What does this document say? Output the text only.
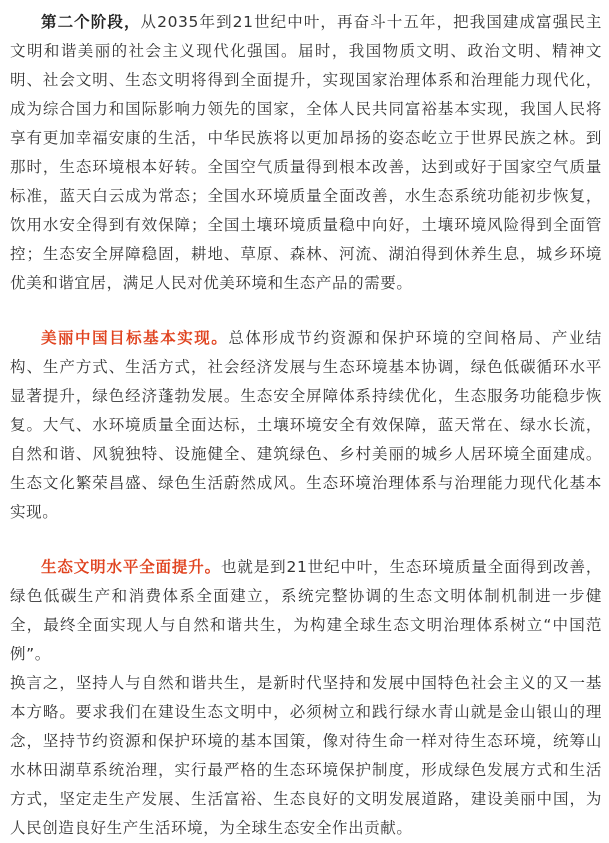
第二个阶段，从2035年到21世纪中叶，再奋斗十五年，把我国建成富强民主文明和谐美丽的社会主义现代化强国。届时，我国物质文明、政治文明、精神文明、社会文明、生态文明将得到全面提升，实现国家治理体系和治理能力现代化，成为综合国力和国际影响力领先的国家，全体人民共同富裕基本实现，我国人民将享有更加幸福安康的生活，中华民族将以更加昂扬的姿态屹立于世界民族之林。到那时，生态环境根本好转。全国空气质量得到根本改善，达到或好于国家空气质量标准，蓝天白云成为常态；全国水环境质量全面改善，水生态系统功能初步恢复，饮用水安全得到有效保障；全国土壤环境质量稳中向好，土壤环境风险得到全面管控；生态安全屏障稳固，耕地、草原、森林、河流、湖泊得到休养生息，城乡环境优美和谐宜居，满足人民对优美环境和生态产品的需要。

美丽中国目标基本实现。总体形成节约资源和保护环境的空间格局、产业结构、生产方式、生活方式，社会经济发展与生态环境基本协调，绿色低碳循环水平显著提升，绿色经济蓬勃发展。生态安全屏障体系持续优化，生态服务功能稳步恢复。大气、水环境质量全面达标，土壤环境安全有效保障，蓝天常在、绿水长流，自然和谐、风貌独特、设施健全、建筑绿色、乡村美丽的城乡人居环境全面建成。生态文化繁荣昌盛、绿色生活蔚然成风。生态环境治理体系与治理能力现代化基本实现。

生态文明水平全面提升。也就是到21世纪中叶，生态环境质量全面得到改善，绿色低碳生产和消费体系全面建立，系统完整协调的生态文明体制机制进一步健全，最终全面实现人与自然和谐共生，为构建全球生态文明治理体系树立“中国范例”。

换言之，坚持人与自然和谐共生，是新时代坚持和发展中国特色社会主义的又一基本方略。要求我们在建设生态文明中，必须树立和践行绿水青山就是金山银山的理念，坚持节约资源和保护环境的基本国策，像对待生命一样对待生态环境，统筹山水林田湖草系统治理，实行最严格的生态环境保护制度，形成绿色发展方式和生活方式，坚定走生产发展、生活富裕、生态良好的文明发展道路，建设美丽中国，为人民创造良好生产生活环境，为全球生态安全作出贡献。
